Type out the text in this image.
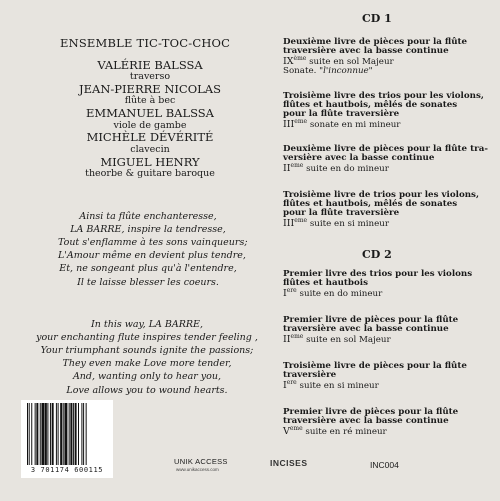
ENSEMBLE TIC-TOC-CHOC
VALÉRIE BALSSA
traverso
JEAN-PIERRE NICOLAS
flûte à bec
EMMANUEL BALSSA
viole de gambe
MICHÈLE DÉVÉRITÉ
clavecin
MIGUEL HENRY
theorbe & guitare baroque
Ainsi ta flûte enchanteresse,
LA BARRE, inspire la tendresse,
Tout s'enflamme à tes sons vainqueurs;
L'Amour même en devient plus tendre,
Et, ne songeant plus qu'à l'entendre,
Il te laisse blesser les coeurs.
In this way, LA BARRE,
your enchanting flute inspires tender feeling ,
Your triumphant sounds ignite the passions;
They even make Love more tender,
And, wanting only to hear you,
Love allows you to wound hearts.
3 701174 600115
UNIK ACCESS
www.unikaccess.com
INCISES	INC004
CD 1
Deuxième livre de pièces pour la flûte
traversière avec la basse continue
IXème suite en sol Majeur
Sonate. "l'inconnue"
Troisième livre des trios pour les violons,
flûtes et hautbois, mêlés de sonates
pour la flûte traversière
IIIeme sonate en mi mineur
Deuxième livre de pièces pour la flûte tra-
versière avec la basse continue
IIeme suite en do mineur
Troisième livre de trios pour les violons,
flûtes et hautbois, mêlés de sonates
pour la flûte traversière
IIIeme suite en si mineur
CD 2
Premier livre des trios pour les violons
flûtes et hautbois
Iere suite en do mineur
Premier livre de pièces pour la flûte
traversière avec la basse continue
IIeme suite en sol Majeur
Troisième livre de pièces pour la flûte
traversière
Iere suite en si mineur
Premier livre de pièces pour la flûte
traversière avec la basse continue
Veme suite en ré mineur
